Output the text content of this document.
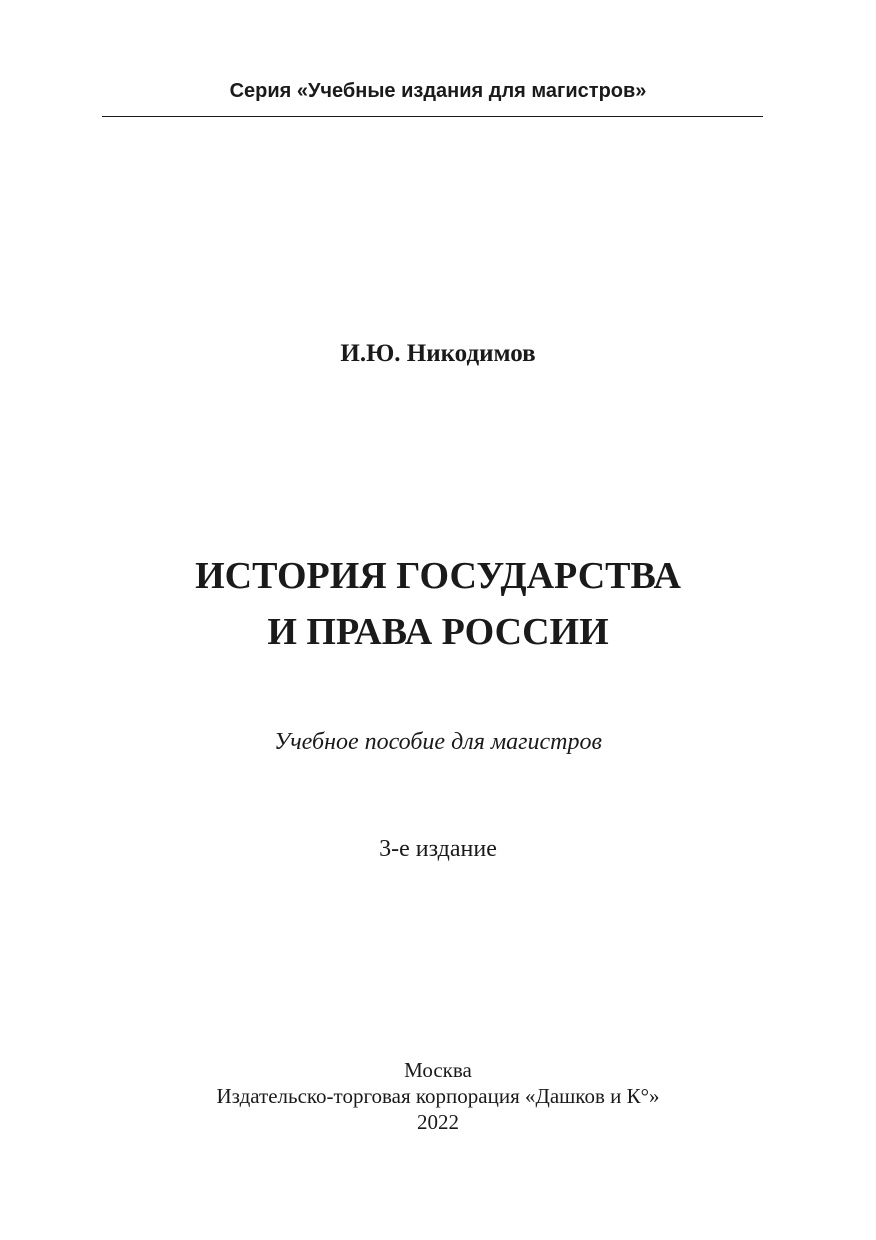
Серия «Учебные издания для магистров»
И.Ю. Никодимов
ИСТОРИЯ ГОСУДАРСТВА
И ПРАВА РОССИИ
Учебное пособие для магистров
3-е издание
Москва
Издательско-торговая корпорация «Дашков и К°»
2022
